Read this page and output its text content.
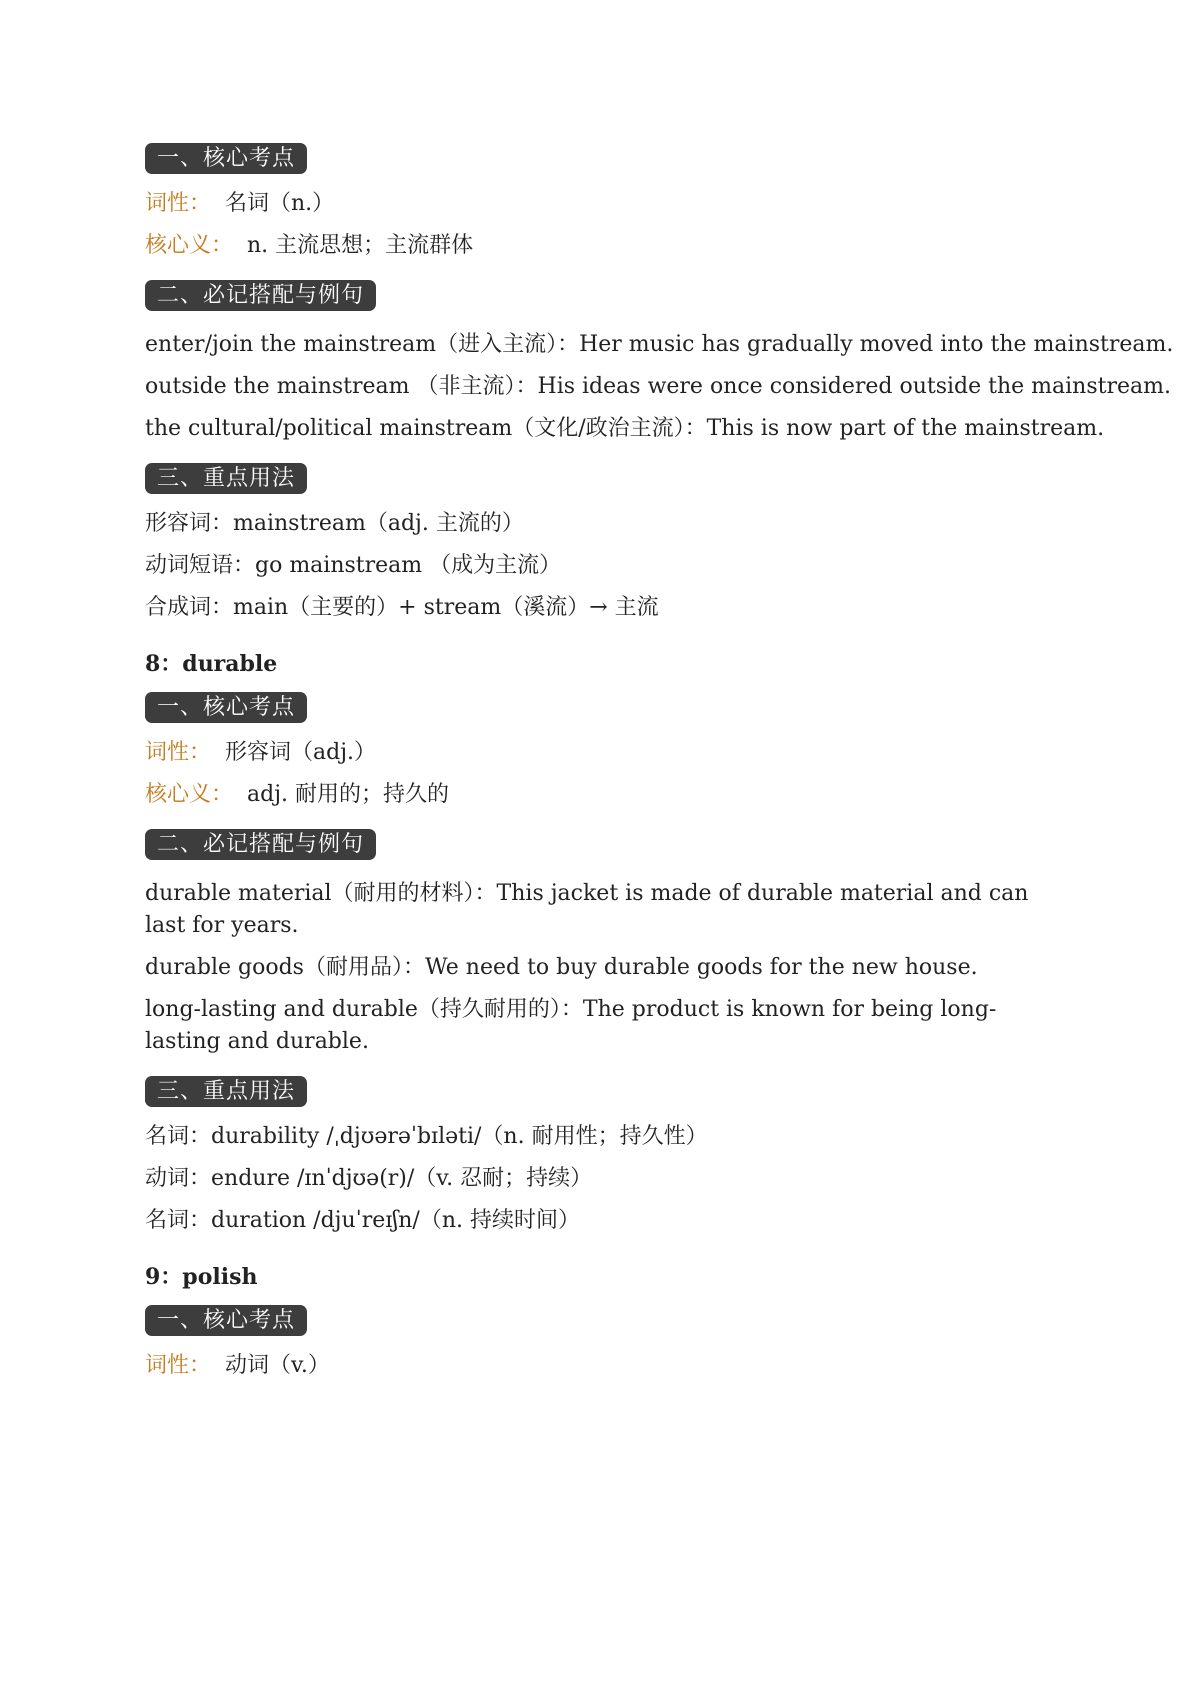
一、核心考点

词性： 名词（n.）

核心义： n. 主流思想；主流群体

二、必记搭配与例句

enter/join the mainstream（进入主流）：Her music has gradually moved into the mainstream.

outside the mainstream （非主流）：His ideas were once considered outside the mainstream.

the cultural/political mainstream（文化/政治主流）：This is now part of the mainstream.

三、重点用法

形容词：mainstream（adj. 主流的）

动词短语：go mainstream （成为主流）

合成词：main（主要的）+ stream（溪流）→ 主流

8：durable

一、核心考点

词性： 形容词（adj.）

核心义： adj. 耐用的；持久的

二、必记搭配与例句

durable material（耐用的材料）：This jacket is made of durable material and can last for years.

durable goods（耐用品）：We need to buy durable goods for the new house.

long-lasting and durable（持久耐用的）：The product is known for being long-lasting and durable.

三、重点用法

名词：durability /ˌdjʊərəˈbɪləti/（n. 耐用性；持久性）

动词：endure /ɪnˈdjʊə(r)/（v. 忍耐；持续）

名词：duration /djuˈreɪʃn/（n. 持续时间）

9：polish

一、核心考点

词性： 动词（v.）
